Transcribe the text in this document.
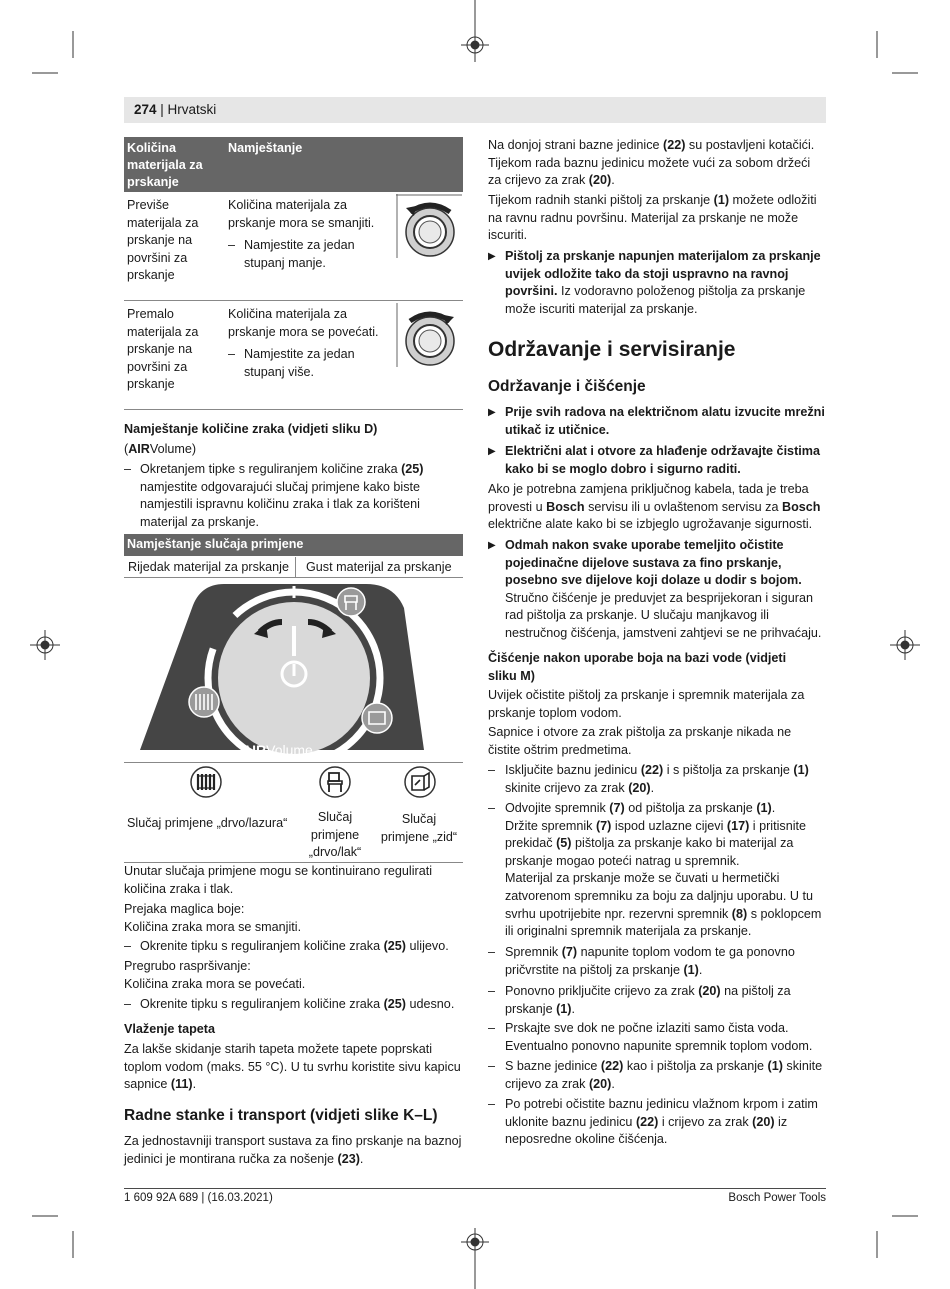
274 | Hrvatski
Količina materijala za prskanje
Namještanje
Previše materijala za prskanje na površini za prskanje
Količina materijala za prskanje mora se smanjiti.
– Namjestite za jedan stupanj manje.
Premalo materijala za prskanje na površini za prskanje
Količina materijala za prskanje mora se povećati.
– Namjestite za jedan stupanj više.
Namještanje količine zraka (vidjeti sliku D)
(AIRVolume)
– Okretanjem tipke s reguliranjem količine zraka (25) namjestite odgovarajući slučaj primjene kako biste namjestili ispravnu količinu zraka i tlak za korišteni materijal za prskanje.
Namještanje slučaja primjene
Rijedak materijal za prskanje Gust materijal za prskanje
AIRVolume
Slučaj primjene „drvo/lazura“	Slučaj primjene „drvo/lak“
Slučaj primjene „zid“
Unutar slučaja primjene mogu se kontinuirano regulirati količina zraka i tlak.
Prejaka maglica boje:
Količina zraka mora se smanjiti.
– Okrenite tipku s reguliranjem količine zraka (25) ulijevo.
Pregrubo raspršivanje:
Količina zraka mora se povećati.
– Okrenite tipku s reguliranjem količine zraka (25) udesno.
Vlaženje tapeta
Za lakše skidanje starih tapeta možete tapete poprskati toplom vodom (maks. 55 °C). U tu svrhu koristite sivu kapicu sapnice (11).
Radne stanke i transport (vidjeti slike K–L)
Za jednostavniji transport sustava za fino prskanje na baznoj jedinici je montirana ručka za nošenje (23).
Na donjoj strani bazne jedinice (22) su postavljeni kotačići. Tijekom rada baznu jedinicu možete vući za sobom držeći za crijevo za zrak (20).
Tijekom radnih stanki pištolj za prskanje (1) možete odložiti na ravnu radnu površinu. Materijal za prskanje ne može iscuriti.
▶ Pištolj za prskanje napunjen materijalom za prskanje uvijek odložite tako da stoji uspravno na ravnoj površini. Iz vodoravno položenog pištolja za prskanje može iscuriti materijal za prskanje.
Održavanje i servisiranje
Održavanje i čišćenje
▶ Prije svih radova na električnom alatu izvucite mrežni utikač iz utičnice.
▶ Električni alat i otvore za hlađenje održavajte čistima kako bi se moglo dobro i sigurno raditi.
Ako je potrebna zamjena priključnog kabela, tada je treba provesti u Bosch servisu ili u ovlaštenom servisu za Bosch električne alate kako bi se izbjeglo ugrožavanje sigurnosti.
▶ Odmah nakon svake uporabe temeljito očistite pojedinačne dijelove sustava za fino prskanje, posebno sve dijelove koji dolaze u dodir s bojom. Stručno čišćenje je preduvjet za besprijekoran i siguran rad pištolja za prskanje. U slučaju manjkavog ili nestručnog čišćenja, jamstveni zahtjevi se ne prihvaćaju.
Čišćenje nakon uporabe boja na bazi vode (vidjeti sliku M)
Uvijek očistite pištolj za prskanje i spremnik materijala za prskanje toplom vodom.
Sapnice i otvore za zrak pištolja za prskanje nikada ne čistite oštrim predmetima.
– Isključite baznu jedinicu (22) i s pištolja za prskanje (1) skinite crijevo za zrak (20).
– Odvojite spremnik (7) od pištolja za prskanje (1).
Držite spremnik (7) ispod uzlazne cijevi (17) i pritisnite prekidač (5) pištolja za prskanje kako bi materijal za prskanje mogao poteći natrag u spremnik.
Materijal za prskanje može se čuvati u hermetički zatvorenom spremniku za boju za daljnju uporabu. U tu svrhu upotrijebite npr. rezervni spremnik (8) s poklopcem ili originalni spremnik materijala za prskanje.
– Spremnik (7) napunite toplom vodom te ga ponovno pričvrstite na pištolj za prskanje (1).
– Ponovno priključite crijevo za zrak (20) na pištolj za prskanje (1).
– Prskajte sve dok ne počne izlaziti samo čista voda. Eventualno ponovno napunite spremnik toplom vodom.
– S bazne jedinice (22) kao i pištolja za prskanje (1) skinite crijevo za zrak (20).
– Po potrebi očistite baznu jedinicu vlažnom krpom i zatim uklonite baznu jedinicu (22) i crijevo za zrak (20) iz neposredne okoline čišćenja.
1 609 92A 689 | (16.03.2021)	Bosch Power Tools
